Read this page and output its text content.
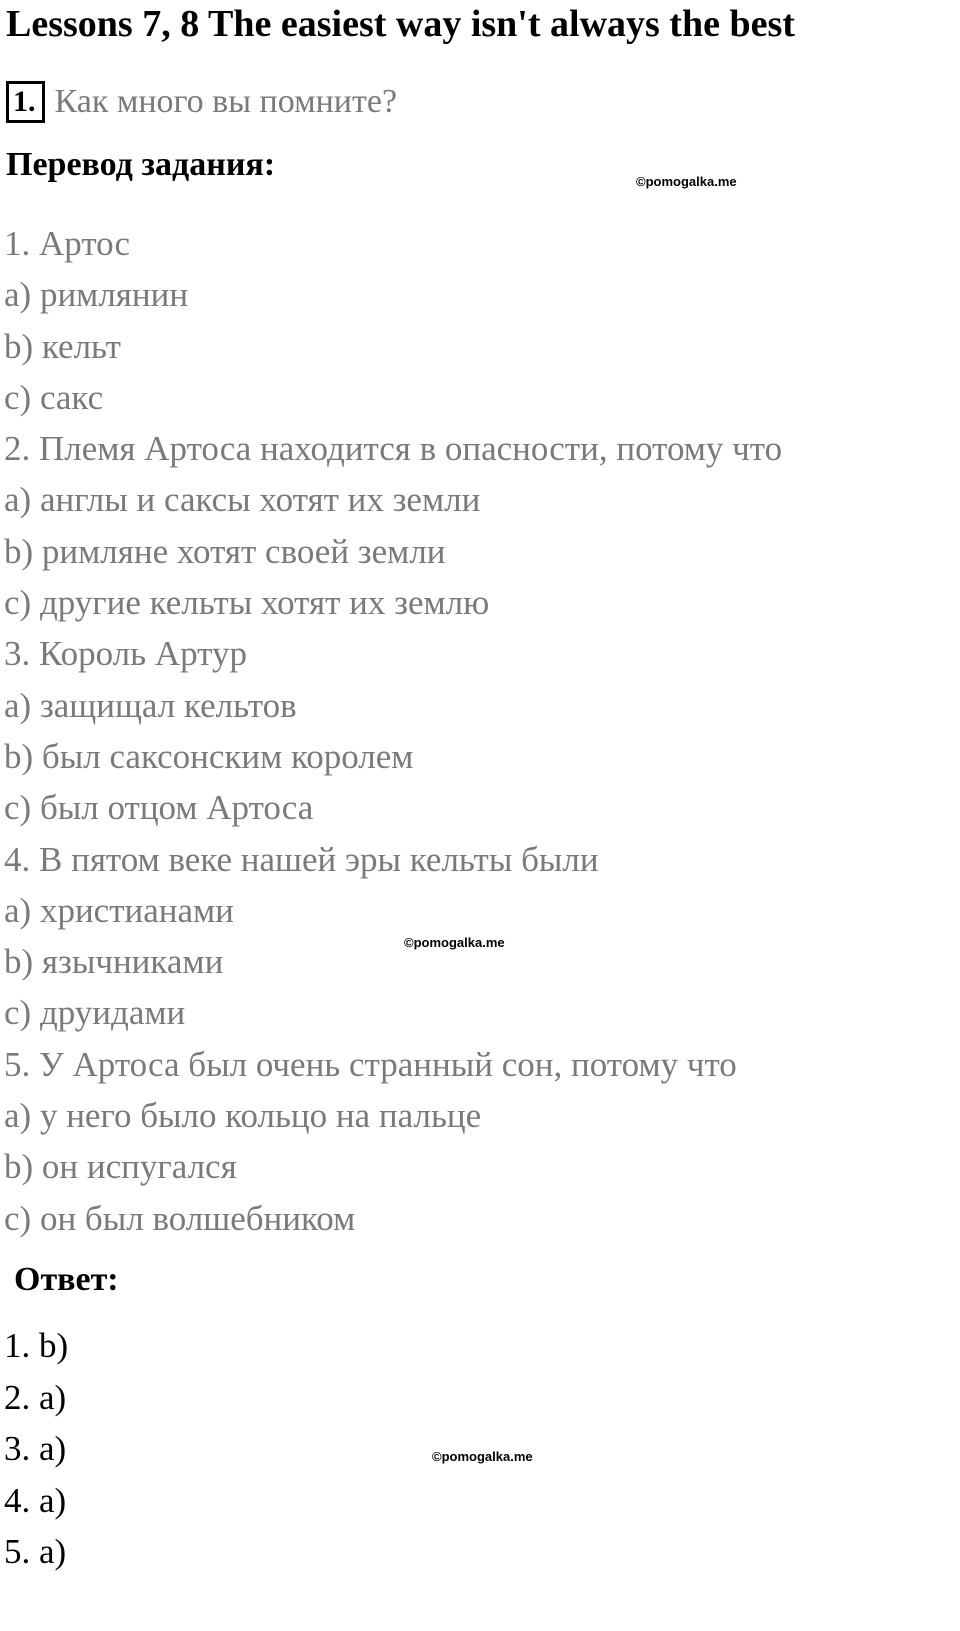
Lessons 7, 8 The easiest way isn't always the best
1. Как много вы помните?
Перевод задания:	©pomogalka.me
1. Артос
a) римлянин
b) кельт
c) сакс
2. Племя Артоса находится в опасности, потому что
a) англы и саксы хотят их земли
b) римляне хотят своей земли
c) другие кельты хотят их землю
3. Король Артур
a) защищал кельтов
b) был саксонским королем
c) был отцом Артоса
4. В пятом веке нашей эры кельты были
a) христианами
b) язычниками
c) друидами
5. У Артоса был очень странный сон, потому что
a) у него было кольцо на пальце
b) он испугался
c) он был волшебником
©pomogalka.me
Ответ:
1. b)
2. a)
3. a)
4. a)
5. a)
©pomogalka.me
